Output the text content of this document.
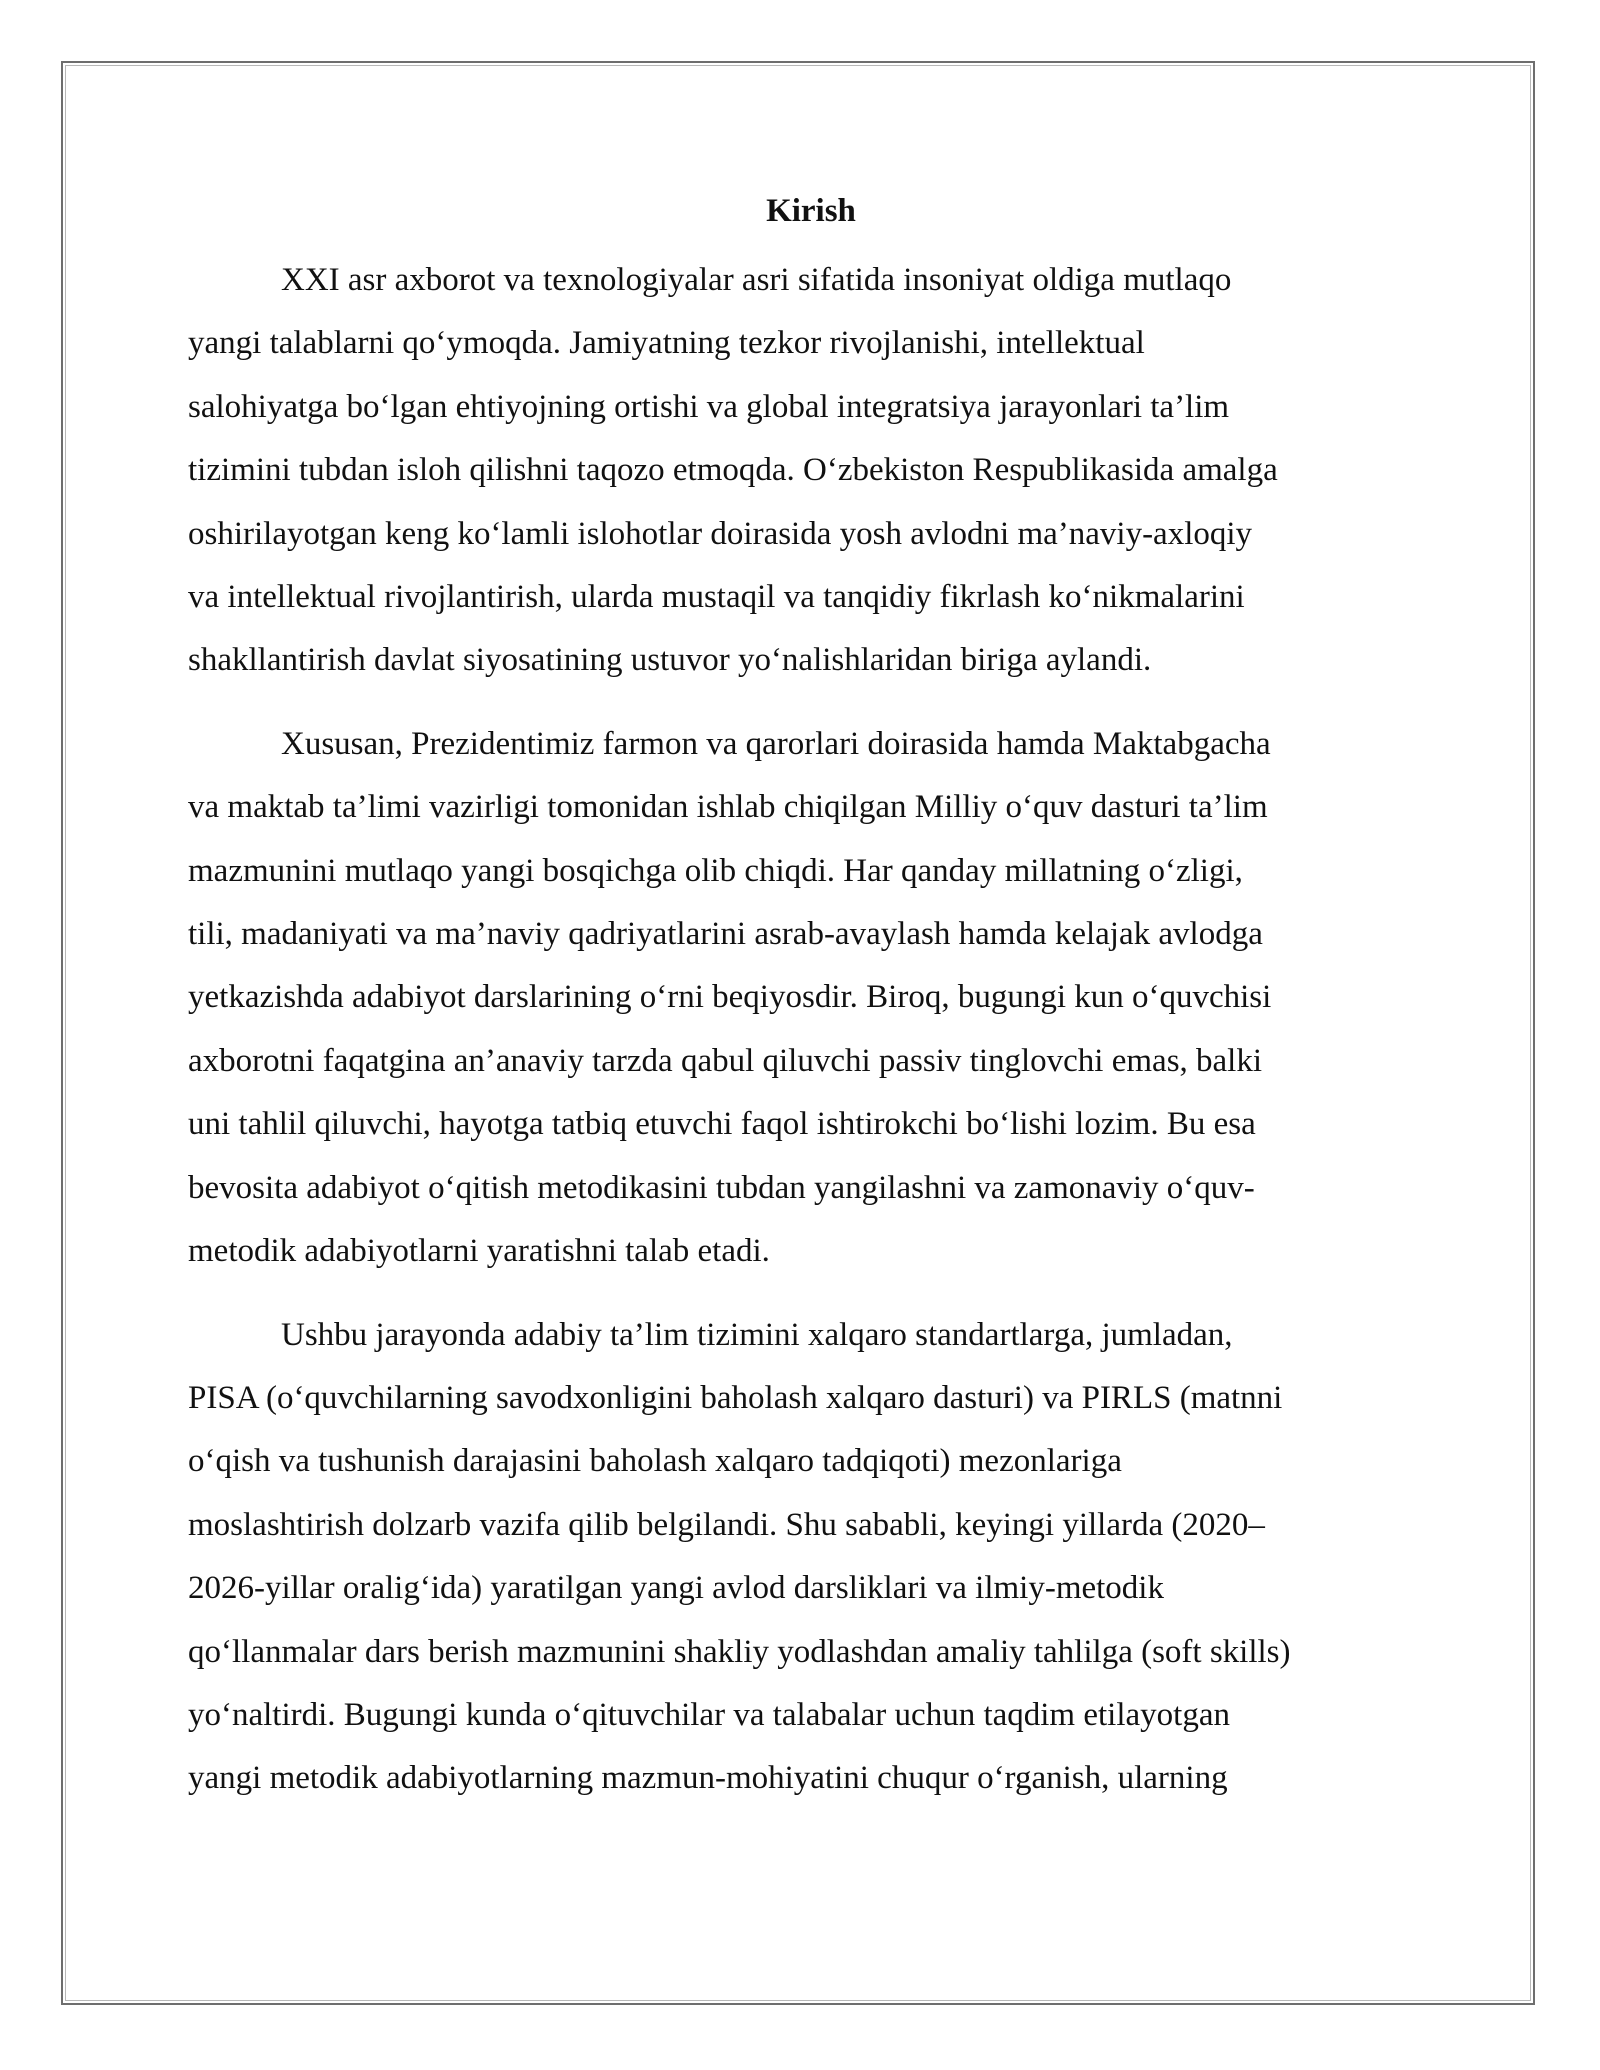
Kirish

XXI asr axborot va texnologiyalar asri sifatida insoniyat oldiga mutlaqo
yangi talablarni qo‘ymoqda. Jamiyatning tezkor rivojlanishi, intellektual
salohiyatga bo‘lgan ehtiyojning ortishi va global integratsiya jarayonlari ta’lim
tizimini tubdan isloh qilishni taqozo etmoqda. O‘zbekiston Respublikasida amalga
oshirilayotgan keng ko‘lamli islohotlar doirasida yosh avlodni ma’naviy-axloqiy
va intellektual rivojlantirish, ularda mustaqil va tanqidiy fikrlash ko‘nikmalarini
shakllantirish davlat siyosatining ustuvor yo‘nalishlaridan biriga aylandi.

Xususan, Prezidentimiz farmon va qarorlari doirasida hamda Maktabgacha
va maktab ta’limi vazirligi tomonidan ishlab chiqilgan Milliy o‘quv dasturi ta’lim
mazmunini mutlaqo yangi bosqichga olib chiqdi. Har qanday millatning o‘zligi,
tili, madaniyati va ma’naviy qadriyatlarini asrab-avaylash hamda kelajak avlodga
yetkazishda adabiyot darslarining o‘rni beqiyosdir. Biroq, bugungi kun o‘quvchisi
axborotni faqatgina an’anaviy tarzda qabul qiluvchi passiv tinglovchi emas, balki
uni tahlil qiluvchi, hayotga tatbiq etuvchi faqol ishtirokchi bo‘lishi lozim. Bu esa
bevosita adabiyot o‘qitish metodikasini tubdan yangilashni va zamonaviy o‘quv-
metodik adabiyotlarni yaratishni talab etadi.

Ushbu jarayonda adabiy ta’lim tizimini xalqaro standartlarga, jumladan,
PISA (o‘quvchilarning savodxonligini baholash xalqaro dasturi) va PIRLS (matnni
o‘qish va tushunish darajasini baholash xalqaro tadqiqoti) mezonlariga
moslashtirish dolzarb vazifa qilib belgilandi. Shu sababli, keyingi yillarda (2020–
2026-yillar oralig‘ida) yaratilgan yangi avlod darsliklari va ilmiy-metodik
qo‘llanmalar dars berish mazmunini shakliy yodlashdan amaliy tahlilga (soft skills)
yo‘naltirdi. Bugungi kunda o‘qituvchilar va talabalar uchun taqdim etilayotgan
yangi metodik adabiyotlarning mazmun-mohiyatini chuqur o‘rganish, ularning
